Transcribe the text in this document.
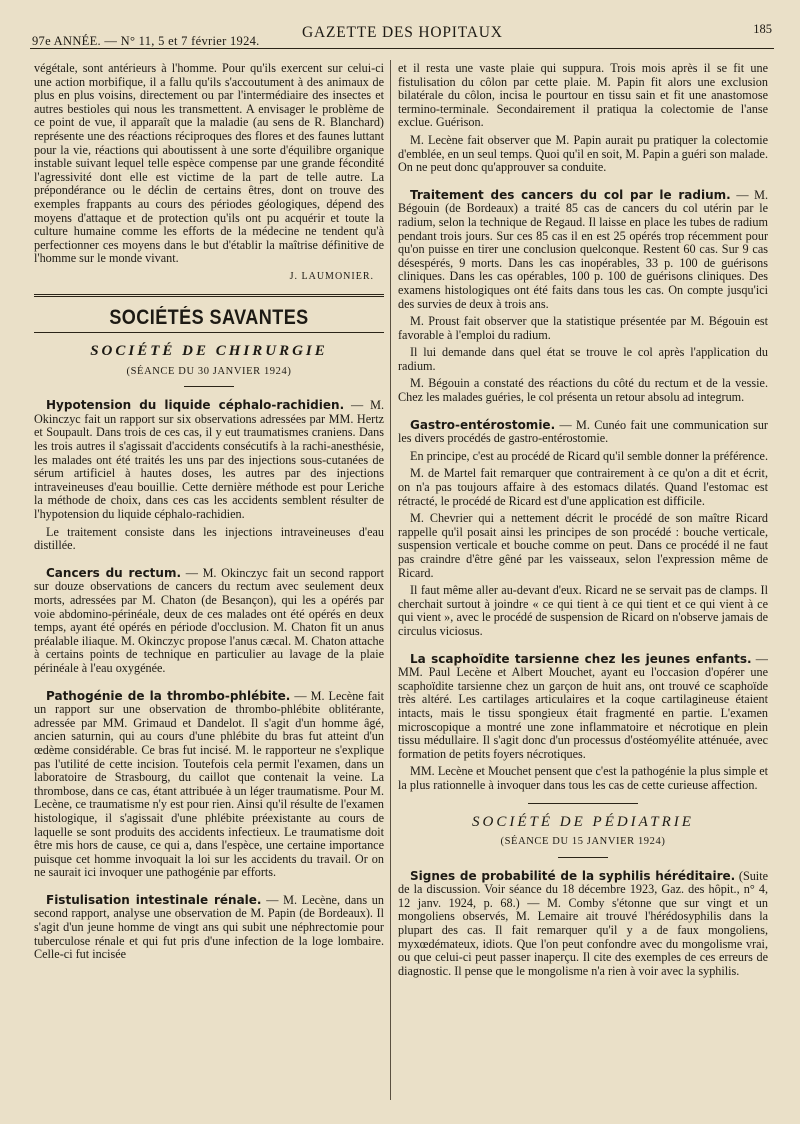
97e ANNÉE. — N° 11, 5 et 7 février 1924.	GAZETTE DES HOPITAUX	185

végétale, sont antérieurs à l'homme. Pour qu'ils exercent sur celui-ci une action morbifique, il a fallu qu'ils s'accoutument à des animaux de plus en plus voisins, directement ou par l'intermédiaire des insectes et autres bestioles qui nous les transmettent. A envisager le problème de ce point de vue, il apparaît que la maladie (au sens de R. Blanchard) représente une des réactions réciproques des flores et des faunes luttant pour la vie, réactions qui aboutissent à une sorte d'équilibre organique instable suivant lequel telle espèce compense par une grande fécondité l'agressivité dont elle est victime de la part de telle autre. La prépondérance ou le déclin de certains êtres, dont on trouve des exemples frappants au cours des périodes géologiques, dépend des moyens d'attaque et de protection qu'ils ont pu acquérir et toute la culture humaine comme les efforts de la médecine ne tendent qu'à perfectionner ces moyens dans le but d'établir la maîtrise définitive de l'homme sur le monde vivant.

J. LAUMONIER.
SOCIÉTÉS SAVANTES
SOCIÉTÉ DE CHIRURGIE
(SÉANCE DU 30 JANVIER 1924)

Hypotension du liquide céphalo-rachidien. — M. Okinczyc fait un rapport sur six observations adressées par MM. Hertz et Soupault. Dans trois de ces cas, il y eut traumatismes craniens. Dans les trois autres il s'agissait d'accidents consécutifs à la rachi-anesthésie, les malades ont été traités les uns par des injections sous-cutanées de sérum artificiel à hautes doses, les autres par des injections intraveineuses d'eau bouillie. Cette dernière méthode est pour Leriche la méthode de choix, dans ces cas les accidents semblent résulter de l'hypotension du liquide céphalo-rachidien.

Le traitement consiste dans les injections intraveineuses d'eau distillée.

Cancers du rectum. — M. Okinczyc fait un second rapport sur douze observations de cancers du rectum avec seulement deux morts, adressées par M. Chaton (de Besançon), qui les a opérés par voie abdomino-périnéale, deux de ces malades ont été opérés en deux temps, ayant été opérés en période d'occlusion. M. Chaton fit un anus préalable iliaque. M. Okinczyc propose l'anus cæcal. M. Chaton attache à certains points de technique en particulier au lavage de la plaie périnéale à l'eau oxygénée.

Pathogénie de la thrombo-phlébite. — M. Lecène fait un rapport sur une observation de thrombo-phlébite oblitérante, adressée par MM. Grimaud et Dandelot. Il s'agit d'un homme âgé, ancien saturnin, qui au cours d'une phlébite du bras fut atteint d'un œdème considérable. Ce bras fut incisé. M. le rapporteur ne s'explique pas l'utilité de cette incision. Toutefois cela permit l'examen, dans un laboratoire de Strasbourg, du caillot que contenait la veine. La thrombose, dans ce cas, étant attribuée à un léger traumatisme. Pour M. Lecène, ce traumatisme n'y est pour rien. Ainsi qu'il résulte de l'examen histologique, il s'agissait d'une phlébite préexistante au cours de laquelle se sont produits des accidents infectieux. Le traumatisme doit être mis hors de cause, ce qui a, dans l'espèce, une certaine importance puisque cet homme invoquait la loi sur les accidents du travail. Or on ne saurait ici invoquer une pathogénie par efforts.

Fistulisation intestinale rénale. — M. Lecène, dans un second rapport, analyse une observation de M. Papin (de Bordeaux). Il s'agit d'un jeune homme de vingt ans qui subit une néphrectomie pour tuberculose rénale et qui fut pris d'une infection de la loge lombaire. Celle-ci fut incisée

et il resta une vaste plaie qui suppura. Trois mois après il se fit une fistulisation du côlon par cette plaie. M. Papin fit alors une exclusion bilatérale du côlon, incisa le pourtour en tissu sain et fit une anastomose termino-terminale. Secondairement il pratiqua la colectomie de l'anse exclue. Guérison.

M. Lecène fait observer que M. Papin aurait pu pratiquer la colectomie d'emblée, en un seul temps. Quoi qu'il en soit, M. Papin a guéri son malade. On ne peut donc qu'approuver sa conduite.

Traitement des cancers du col par le radium. — M. Bégouin (de Bordeaux) a traité 85 cas de cancers du col utérin par le radium, selon la technique de Regaud. Il laisse en place les tubes de radium pendant trois jours. Sur ces 85 cas il en est 25 opérés trop récemment pour qu'on puisse en tirer une conclusion quelconque. Restent 60 cas. Sur 9 cas désespérés, 9 morts. Dans les cas inopérables, 33 p. 100 de guérisons cliniques. Dans les cas opérables, 100 p. 100 de guérisons cliniques. Des examens histologiques ont été faits dans tous les cas. On compte jusqu'ici des survies de deux à trois ans.

M. Proust fait observer que la statistique présentée par M. Bégouin est favorable à l'emploi du radium.

Il lui demande dans quel état se trouve le col après l'application du radium.

M. Bégouin a constaté des réactions du côté du rectum et de la vessie. Chez les malades guéries, le col présenta un retour absolu ad integrum.

Gastro-entérostomie. — M. Cunéo fait une communication sur les divers procédés de gastro-entérostomie.

En principe, c'est au procédé de Ricard qu'il semble donner la préférence.

M. de Martel fait remarquer que contrairement à ce qu'on a dit et écrit, on n'a pas toujours affaire à des estomacs dilatés. Quand l'estomac est rétracté, le procédé de Ricard est d'une application est difficile.

M. Chevrier qui a nettement décrit le procédé de son maître Ricard rappelle qu'il posait ainsi les principes de son procédé : bouche verticale, suspension verticale et bouche comme on peut. Dans ce procédé il ne faut pas craindre d'être gêné par les vaisseaux, selon l'expression même de Ricard.

Il faut même aller au-devant d'eux. Ricard ne se servait pas de clamps. Il cherchait surtout à joindre « ce qui tient à ce qui tient et ce qui vient à ce qui vient », avec le procédé de suspension de Ricard on n'observe jamais de circulus viciosus.

La scaphoïdite tarsienne chez les jeunes enfants. — MM. Paul Lecène et Albert Mouchet, ayant eu l'occasion d'opérer une scaphoïdite tarsienne chez un garçon de huit ans, ont trouvé ce scaphoïde très altéré. Les cartilages articulaires et la coque cartilagineuse étaient intacts, mais le tissu spongieux était fragmenté en partie. L'examen microscopique a montré une zone inflammatoire et nécrotique en plein tissu médullaire. Il s'agit donc d'un processus d'ostéomyélite atténuée, avec formation de petits foyers nécrotiques.

MM. Lecène et Mouchet pensent que c'est la pathogénie la plus simple et la plus rationnelle à invoquer dans tous les cas de cette curieuse affection.

SOCIÉTÉ DE PÉDIATRIE
(SÉANCE DU 15 JANVIER 1924)

Signes de probabilité de la syphilis héréditaire. (Suite de la discussion. Voir séance du 18 décembre 1923, Gaz. des hôpit., n° 4, 12 janv. 1924, p. 68.) — M. Comby s'étonne que sur vingt et un mongoliens observés, M. Lemaire ait trouvé l'hérédosyphilis dans la plupart des cas. Il fait remarquer qu'il y a de faux mongoliens, myxœdémateux, idiots. Que l'on peut confondre avec du mongolisme vrai, ou que celui-ci peut passer inaperçu. Il cite des exemples de ces erreurs de diagnostic. Il pense que le mongolisme n'a rien à voir avec la syphilis.
